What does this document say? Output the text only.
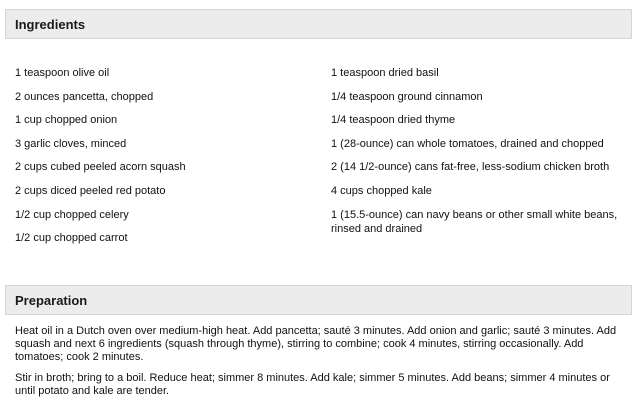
Ingredients
1 teaspoon olive oil
2 ounces pancetta, chopped
1 cup chopped onion
3 garlic cloves, minced
2 cups cubed peeled acorn squash
2 cups diced peeled red potato
1/2 cup chopped celery
1/2 cup chopped carrot
1 teaspoon dried basil
1/4 teaspoon ground cinnamon
1/4 teaspoon dried thyme
1 (28-ounce) can whole tomatoes, drained and chopped
2 (14 1/2-ounce) cans fat-free, less-sodium chicken broth
4 cups chopped kale
1 (15.5-ounce) can navy beans or other small white beans, rinsed and drained
Preparation

Heat oil in a Dutch oven over medium-high heat. Add pancetta; sauté 3 minutes. Add onion and garlic; sauté 3 minutes. Add squash and next 6 ingredients (squash through thyme), stirring to combine; cook 4 minutes, stirring occasionally. Add tomatoes; cook 2 minutes.

Stir in broth; bring to a boil. Reduce heat; simmer 8 minutes. Add kale; simmer 5 minutes. Add beans; simmer 4 minutes or until potato and kale are tender.
